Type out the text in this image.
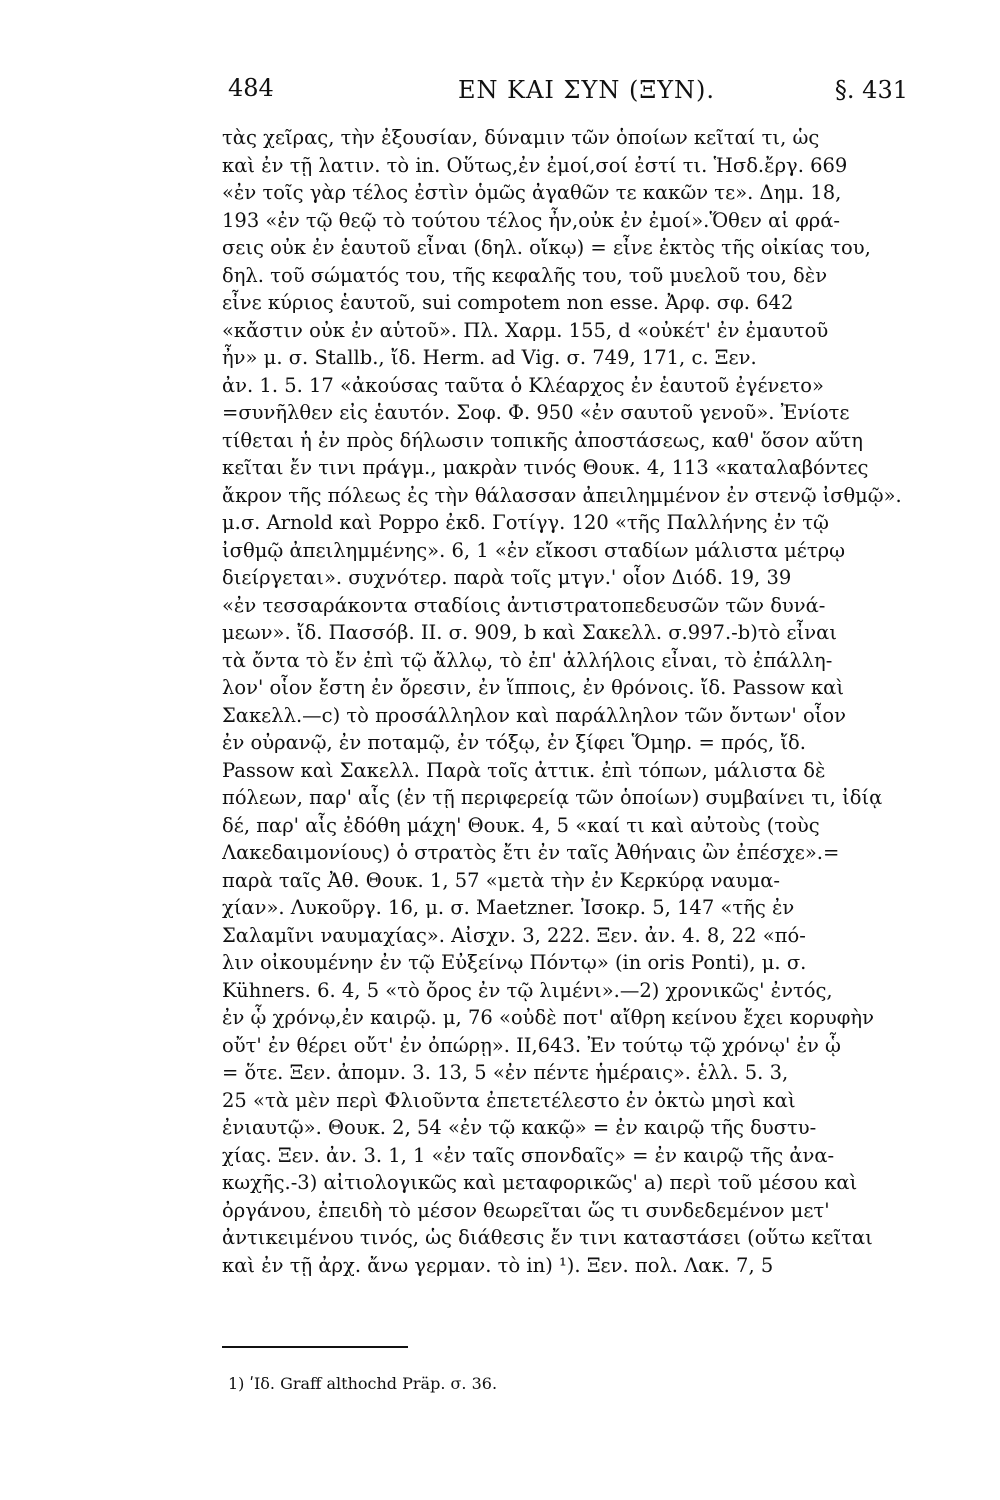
484	ΕΝ ΚΑΙ ΣΥΝ (ΞΥΝ).	§. 431
τὰς χεῖρας, τὴν ἐξουσίαν, δύναμιν τῶν ὁποίων κεῖταί τι, ὡς
καὶ ἐν τῇ λατιν. τὸ in. Οὕτως,ἐν ἐμοί,σοί ἐστί τι. Ἡσδ.ἔργ. 669
«ἐν τοῖς γὰρ τέλος ἐστὶν ὁμῶς ἀγαθῶν τε κακῶν τε». Δημ. 18,
193 «ἐν τῷ θεῷ τὸ τούτου τέλος ἦν,οὐκ ἐν ἐμοί».Ὅθεν αἱ φρά-
σεις οὐκ ἐν ἑαυτοῦ εἶναι (δηλ. οἴκῳ) = εἶνε ἐκτὸς τῆς οἰκίας του,
δηλ. τοῦ σώματός του, τῆς κεφαλῆς του, τοῦ μυελοῦ του, δὲν
εἶνε κύριος ἑαυτοῦ, sui compotem non esse. Ἀρφ. σφ. 642
«κἄστιν οὐκ ἐν αὑτοῦ». Πλ. Χαρμ. 155, d «οὐκέτ' ἐν ἐμαυτοῦ
ἦν» μ. σ. Stallb., ἴδ. Herm. ad Vig. σ. 749, 171, c. Ξεν.
ἀν. 1. 5. 17 «ἀκούσας ταῦτα ὁ Κλέαρχος ἐν ἑαυτοῦ ἐγένετο»
=συνῆλθεν εἰς ἑαυτόν. Σοφ. Φ. 950 «ἐν σαυτοῦ γενοῦ». Ἐνίοτε
τίθεται ἡ ἐν πρὸς δήλωσιν τοπικῆς ἀποστάσεως, καθ' ὅσον αὕτη
κεῖται ἔν τινι πράγμ., μακρὰν τινός Θουκ. 4, 113 «καταλαβόντες
ἄκρον τῆς πόλεως ἐς τὴν θάλασσαν ἀπειλημμένον ἐν στενῷ ἰσθμῷ».
μ.σ. Arnold καὶ Poppo ἐκδ. Γοτίγγ. 120 «τῆς Παλλήνης ἐν τῷ
ἰσθμῷ ἀπειλημμένης». 6, 1 «ἐν εἴκοσι σταδίων μάλιστα μέτρῳ
διείργεται». συχνότερ. παρὰ τοῖς μτγν.' οἷον Διόδ. 19, 39
«ἐν τεσσαράκοντα σταδίοις ἀντιστρατοπεδευσῶν τῶν δυνά-
μεων». ἴδ. Πασσόβ. ΙΙ. σ. 909, b καὶ Σακελλ. σ.997.-b)τὸ εἶναι
τὰ ὄντα τὸ ἔν ἐπὶ τῷ ἄλλῳ, τὸ ἐπ' ἀλλήλοις εἶναι, τὸ ἐπάλλη-
λον' οἷον ἔστη ἐν ὄρεσιν, ἐν ἵπποις, ἐν θρόνοις. ἴδ. Passow καὶ
Σακελλ.—c) τὸ προσάλληλον καὶ παράλληλον τῶν ὄντων' οἷον
ἐν οὐρανῷ, ἐν ποταμῷ, ἐν τόξῳ, ἐν ξίφει Ὅμηρ. = πρός, ἴδ.
Passow καὶ Σακελλ. Παρὰ τοῖς ἀττικ. ἐπὶ τόπων, μάλιστα δὲ
πόλεων, παρ' αἷς (ἐν τῇ περιφερείᾳ τῶν ὁποίων) συμβαίνει τι, ἰδίᾳ
δέ, παρ' αἷς ἐδόθη μάχη' Θουκ. 4, 5 «καί τι καὶ αὐτοὺς (τοὺς
Λακεδαιμονίους) ὁ στρατὸς ἔτι ἐν ταῖς Ἀθήναις ὢν ἐπέσχε».=
παρὰ ταῖς Ἀθ. Θουκ. 1, 57 «μετὰ τὴν ἐν Κερκύρᾳ ναυμα-
χίαν». Λυκοῦργ. 16, μ. σ. Maetzner. Ἰσοκρ. 5, 147 «τῆς ἐν
Σαλαμῖνι ναυμαχίας». Αἰσχν. 3, 222. Ξεν. ἀν. 4. 8, 22 «πό-
λιν οἰκουμένην ἐν τῷ Εὐξείνῳ Πόντῳ» (in oris Ponti), μ. σ.
Kühners. 6. 4, 5 «τὸ ὄρος ἐν τῷ λιμένι».—2) χρονικῶς' ἐντός,
ἐν ᾧ χρόνῳ,ἐν καιρῷ. μ, 76 «οὐδὲ ποτ' αἴθρη κείνου ἔχει κορυφὴν
οὔτ' ἐν θέρει οὔτ' ἐν ὀπώρῃ». ΙΙ,643. Ἐν τούτῳ τῷ χρόνῳ' ἐν ᾧ
= ὅτε. Ξεν. ἀπομν. 3. 13, 5 «ἐν πέντε ἡμέραις». ἑλλ. 5. 3,
25 «τὰ μὲν περὶ Φλιοῦντα ἐπετετέλεστο ἐν ὀκτὼ μησὶ καὶ
ἐνιαυτῷ». Θουκ. 2, 54 «ἐν τῷ κακῷ» = ἐν καιρῷ τῆς δυστυ-
χίας. Ξεν. ἀν. 3. 1, 1 «ἐν ταῖς σπονδαῖς» = ἐν καιρῷ τῆς ἀνα-
κωχῆς.-3) αἰτιολογικῶς καὶ μεταφορικῶς' a) περὶ τοῦ μέσου καὶ
ὀργάνου, ἐπειδὴ τὸ μέσον θεωρεῖται ὥς τι συνδεδεμένον μετ'
ἀντικειμένου τινός, ὡς διάθεσις ἔν τινι καταστάσει (οὕτω κεῖται
καὶ ἐν τῇ ἀρχ. ἄνω γερμαν. τὸ in) ¹). Ξεν. πολ. Λακ. 7, 5
1) ʹΙδ. Graff althochd Präp. σ. 36.
